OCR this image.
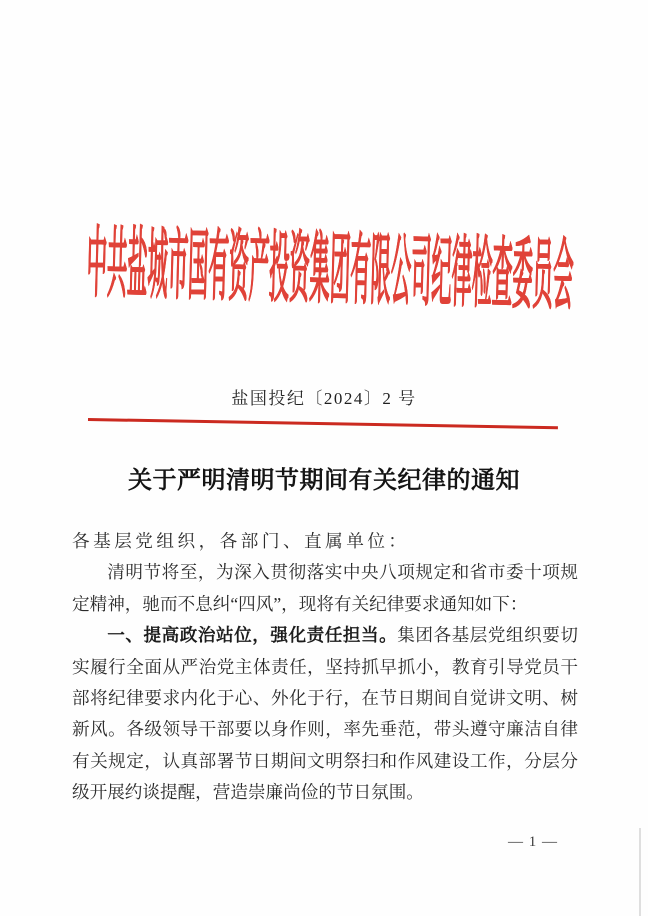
中共盐城市国有资产投资集团有限公司纪律检查委员会
盐国投纪〔2024〕2 号
关于严明清明节期间有关纪律的通知
各基层党组织，各部门、直属单位：
清明节将至，为深入贯彻落实中央八项规定和省市委十项规
定精神，驰而不息纠“四风”，现将有关纪律要求通知如下：
一、提高政治站位，强化责任担当。集团各基层党组织要切
实履行全面从严治党主体责任，坚持抓早抓小，教育引导党员干
部将纪律要求内化于心、外化于行，在节日期间自觉讲文明、树
新风。各级领导干部要以身作则，率先垂范，带头遵守廉洁自律
有关规定，认真部署节日期间文明祭扫和作风建设工作，分层分
级开展约谈提醒，营造崇廉尚俭的节日氛围。
— 1 —
